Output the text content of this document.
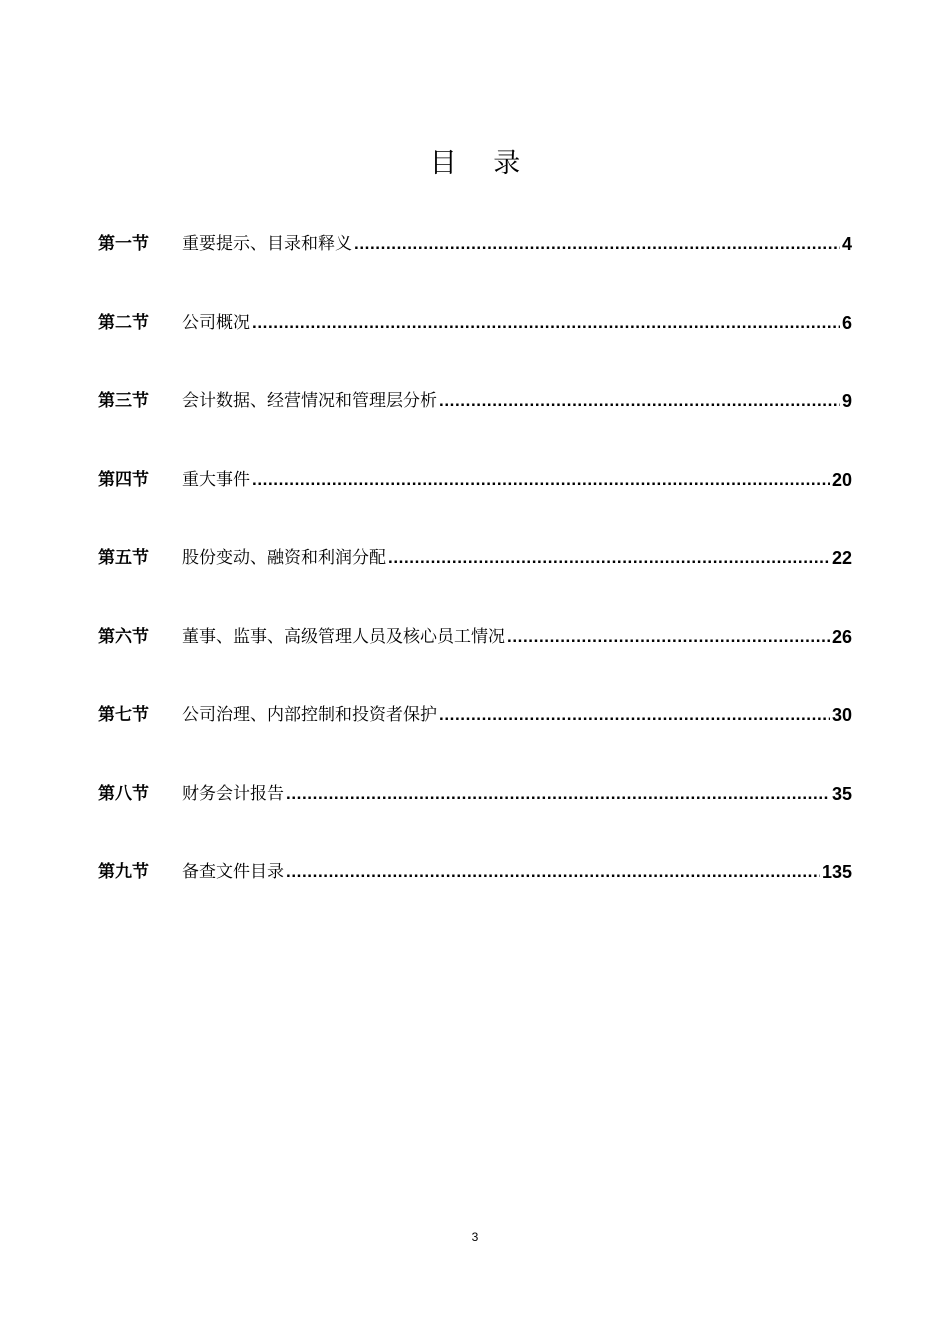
目 录
第一节	重要提示、目录和释义 .....	4
第二节	公司概况 .....	6
第三节	会计数据、经营情况和管理层分析 .....	9
第四节	重大事件 .....	20
第五节	股份变动、融资和利润分配 .....	22
第六节	董事、监事、高级管理人员及核心员工情况 .....	26
第七节	公司治理、内部控制和投资者保护 .....	30
第八节	财务会计报告 .....	35
第九节	备查文件目录 .....	135
3
